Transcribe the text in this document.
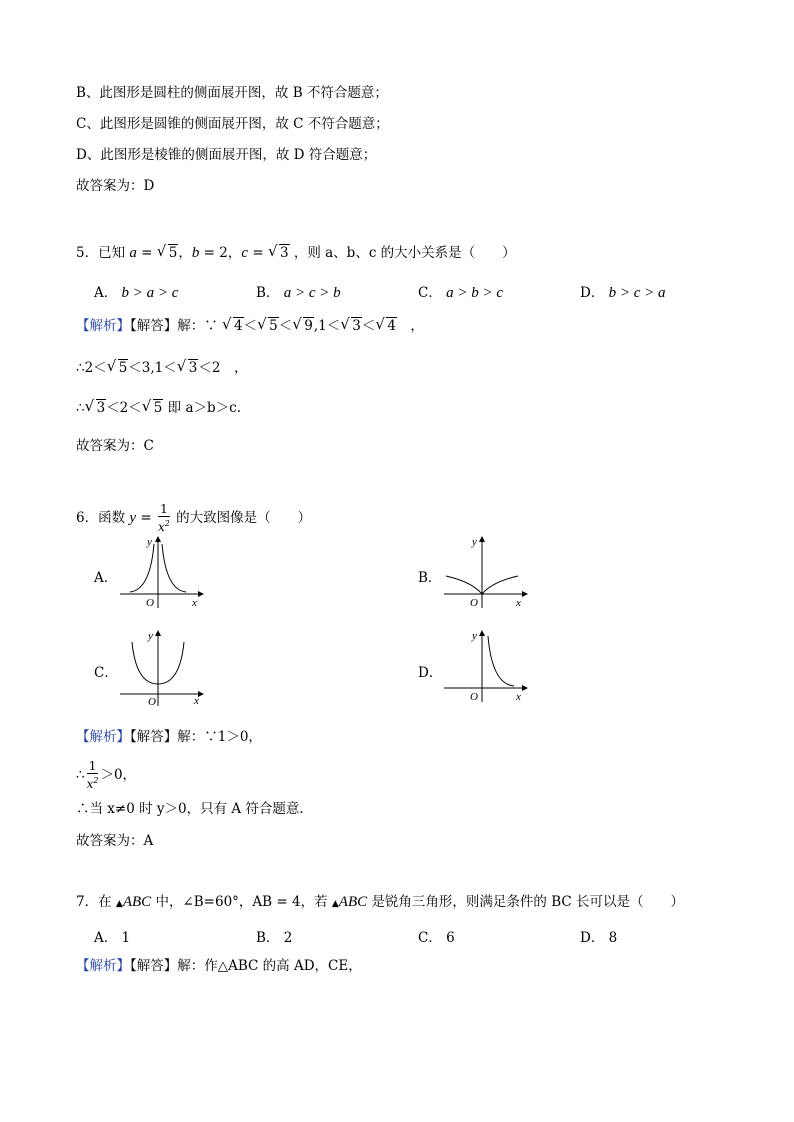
B、此图形是圆柱的侧面展开图，故 B 不符合题意；
C、此图形是圆锥的侧面展开图，故 C 不符合题意；
D、此图形是棱锥的侧面展开图，故 D 符合题意；
故答案为：D
5．已知 a = √ 5，b = 2，c = √ 3 ，则 a、b、c 的大小关系是（　　）
A． b > a > c	B． a > c > b	C． a > b > c	D． b > c > a
【解析】【解答】解：∵ √ 4＜ √ 5＜ √ 9,1＜ √ 3＜ √ 4　，
∴2＜ √ 5＜3,1＜ √ 3＜2　，
∴ √ 3＜2＜ √ 5 即 a＞b＞c.
故答案为：C
6．函数 $y = \frac{1}{x^2}$ 的大致图像是（　　）
A．
O	x
y
B．
O	x
y
C．
O	x
y
D．
O	x
y
【解析】【解答】解：∵1＞0，
∴ $\frac{1}{x^2} >0$，
∴当 x≠0 时 y＞0，只有 A 符合题意.
故答案为：A
7．在 ▲ABC 中，∠B=60°，AB = 4，若 ▲ABC 是锐角三角形，则满足条件的 BC 长可以是（　　）
A． 1	B． 2	C． 6	D． 8
【解析】【解答】解：作△ABC 的高 AD，CE，
